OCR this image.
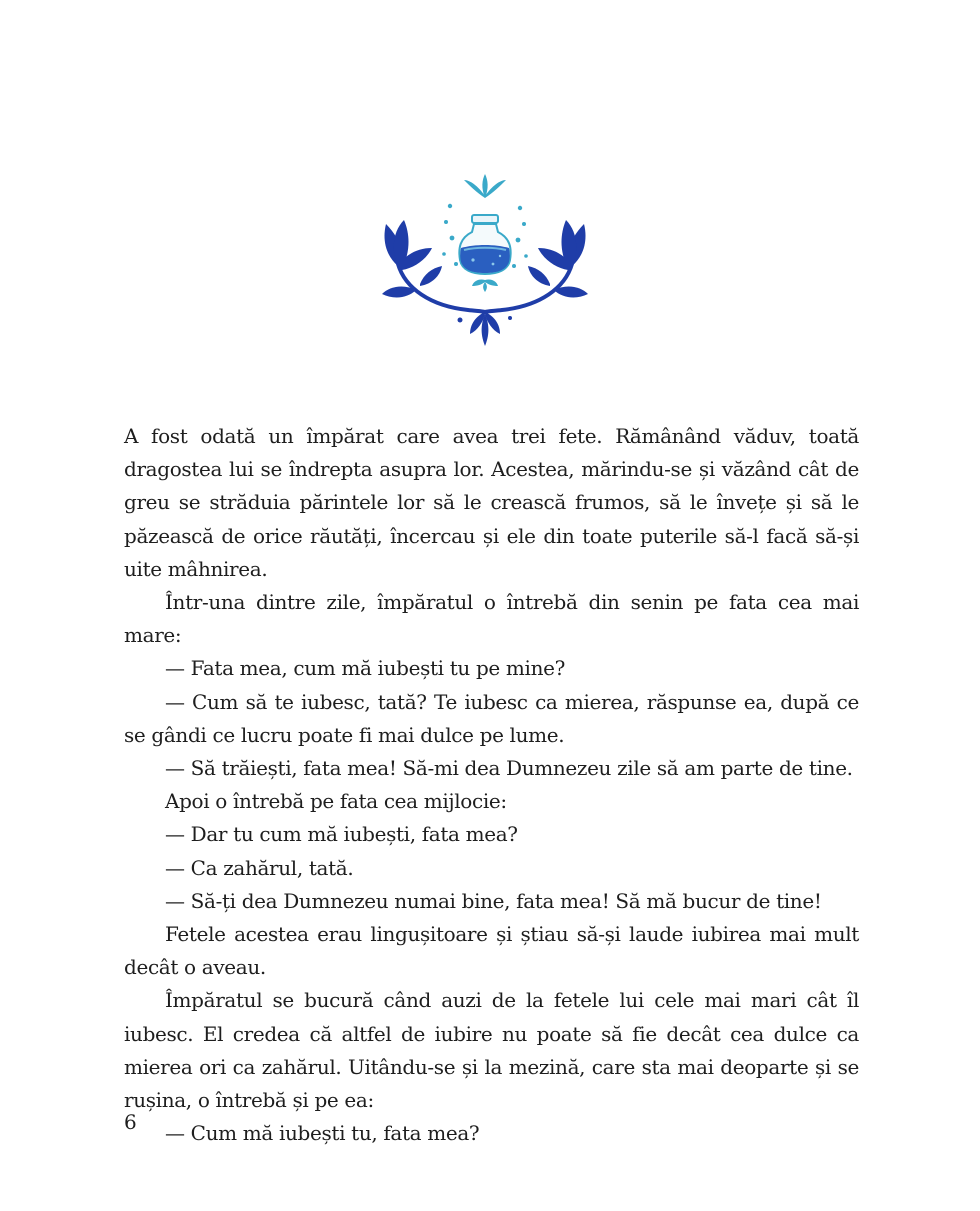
A fost odată un împărat care avea trei fete. Rămânând văduv, toată dragostea lui se îndrepta asupra lor. Acestea, mărindu-se și văzând cât de greu se străduia părintele lor să le crească frumos, să le învețe și să le păzească de orice răutăți, încercau și ele din toate puterile să-l facă să-și uite mâhnirea.

Într-una dintre zile, împăratul o întrebă din senin pe fata cea mai mare:

— Fata mea, cum mă iubești tu pe mine?

— Cum să te iubesc, tată? Te iubesc ca mierea, răspunse ea, după ce se gândi ce lucru poate fi mai dulce pe lume.

— Să trăiești, fata mea! Să-mi dea Dumnezeu zile să am parte de tine.

Apoi o întrebă pe fata cea mijlocie:

— Dar tu cum mă iubești, fata mea?

— Ca zahărul, tată.

— Să-ți dea Dumnezeu numai bine, fata mea! Să mă bucur de tine!

Fetele acestea erau lingușitoare și știau să-și laude iubirea mai mult decât o aveau.

Împăratul se bucură când auzi de la fetele lui cele mai mari cât îl iubesc. El credea că altfel de iubire nu poate să fie decât cea dulce ca mierea ori ca zahărul. Uitându-se și la mezină, care sta mai deoparte și se rușina, o întrebă și pe ea:

— Cum mă iubești tu, fata mea?

6
